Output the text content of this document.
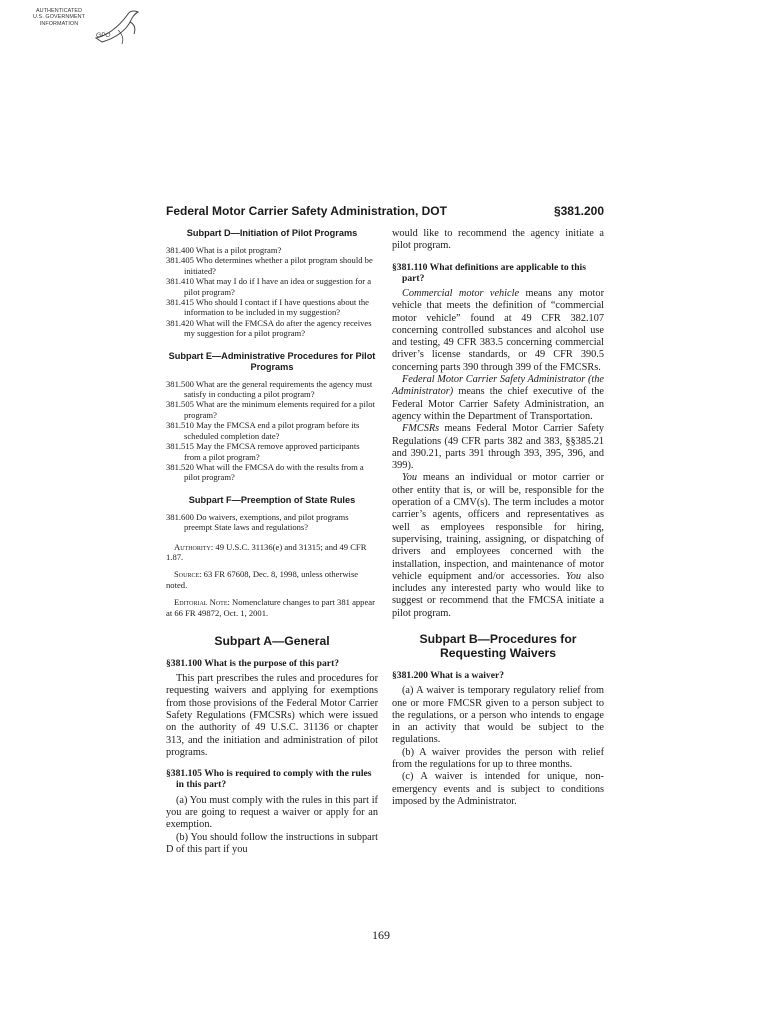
AUTHENTICATED
U.S. GOVERNMENT
INFORMATION
GPO
Federal Motor Carrier Safety Administration, DOT	§381.200
Subpart D—Initiation of Pilot Programs

381.400 What is a pilot program?

381.405 Who determines whether a pilot program should be initiated?

381.410 What may I do if I have an idea or suggestion for a pilot program?

381.415 Who should I contact if I have questions about the information to be included in my suggestion?

381.420 What will the FMCSA do after the agency receives my suggestion for a pilot program?

Subpart E—Administrative Procedures for Pilot Programs

381.500 What are the general requirements the agency must satisfy in conducting a pilot program?

381.505 What are the minimum elements required for a pilot program?

381.510 May the FMCSA end a pilot program before its scheduled completion date?

381.515 May the FMCSA remove approved participants from a pilot program?

381.520 What will the FMCSA do with the results from a pilot program?

Subpart F—Preemption of State Rules

381.600 Do waivers, exemptions, and pilot programs preempt State laws and regulations?

Authority: 49 U.S.C. 31136(e) and 31315; and 49 CFR 1.87.

Source: 63 FR 67608, Dec. 8, 1998, unless otherwise noted.

Editorial Note: Nomenclature changes to part 381 appear at 66 FR 49872, Oct. 1, 2001.

Subpart A—General

§381.100 What is the purpose of this part?

This part prescribes the rules and procedures for requesting waivers and applying for exemptions from those provisions of the Federal Motor Carrier Safety Regulations (FMCSRs) which were issued on the authority of 49 U.S.C. 31136 or chapter 313, and the initiation and administration of pilot programs.

§381.105 Who is required to comply with the rules in this part?

(a) You must comply with the rules in this part if you are going to request a waiver or apply for an exemption.

(b) You should follow the instructions in subpart D of this part if you

would like to recommend the agency initiate a pilot program.

§381.110 What definitions are applicable to this part?

Commercial motor vehicle means any motor vehicle that meets the definition of “commercial motor vehicle” found at 49 CFR 382.107 concerning controlled substances and alcohol use and testing, 49 CFR 383.5 concerning commercial driver’s license standards, or 49 CFR 390.5 concerning parts 390 through 399 of the FMCSRs.

Federal Motor Carrier Safety Administrator (the Administrator) means the chief executive of the Federal Motor Carrier Safety Administration, an agency within the Department of Transportation.

FMCSRs means Federal Motor Carrier Safety Regulations (49 CFR parts 382 and 383, §§385.21 and 390.21, parts 391 through 393, 395, 396, and 399).

You means an individual or motor carrier or other entity that is, or will be, responsible for the operation of a CMV(s). The term includes a motor carrier’s agents, officers and representatives as well as employees responsible for hiring, supervising, training, assigning, or dispatching of drivers and employees concerned with the installation, inspection, and maintenance of motor vehicle equipment and/or accessories. You also includes any interested party who would like to suggest or recommend that the FMCSA initiate a pilot program.

Subpart B—Procedures for Requesting Waivers

§381.200 What is a waiver?

(a) A waiver is temporary regulatory relief from one or more FMCSR given to a person subject to the regulations, or a person who intends to engage in an activity that would be subject to the regulations.

(b) A waiver provides the person with relief from the regulations for up to three months.

(c) A waiver is intended for unique, non-emergency events and is subject to conditions imposed by the Administrator.

169
